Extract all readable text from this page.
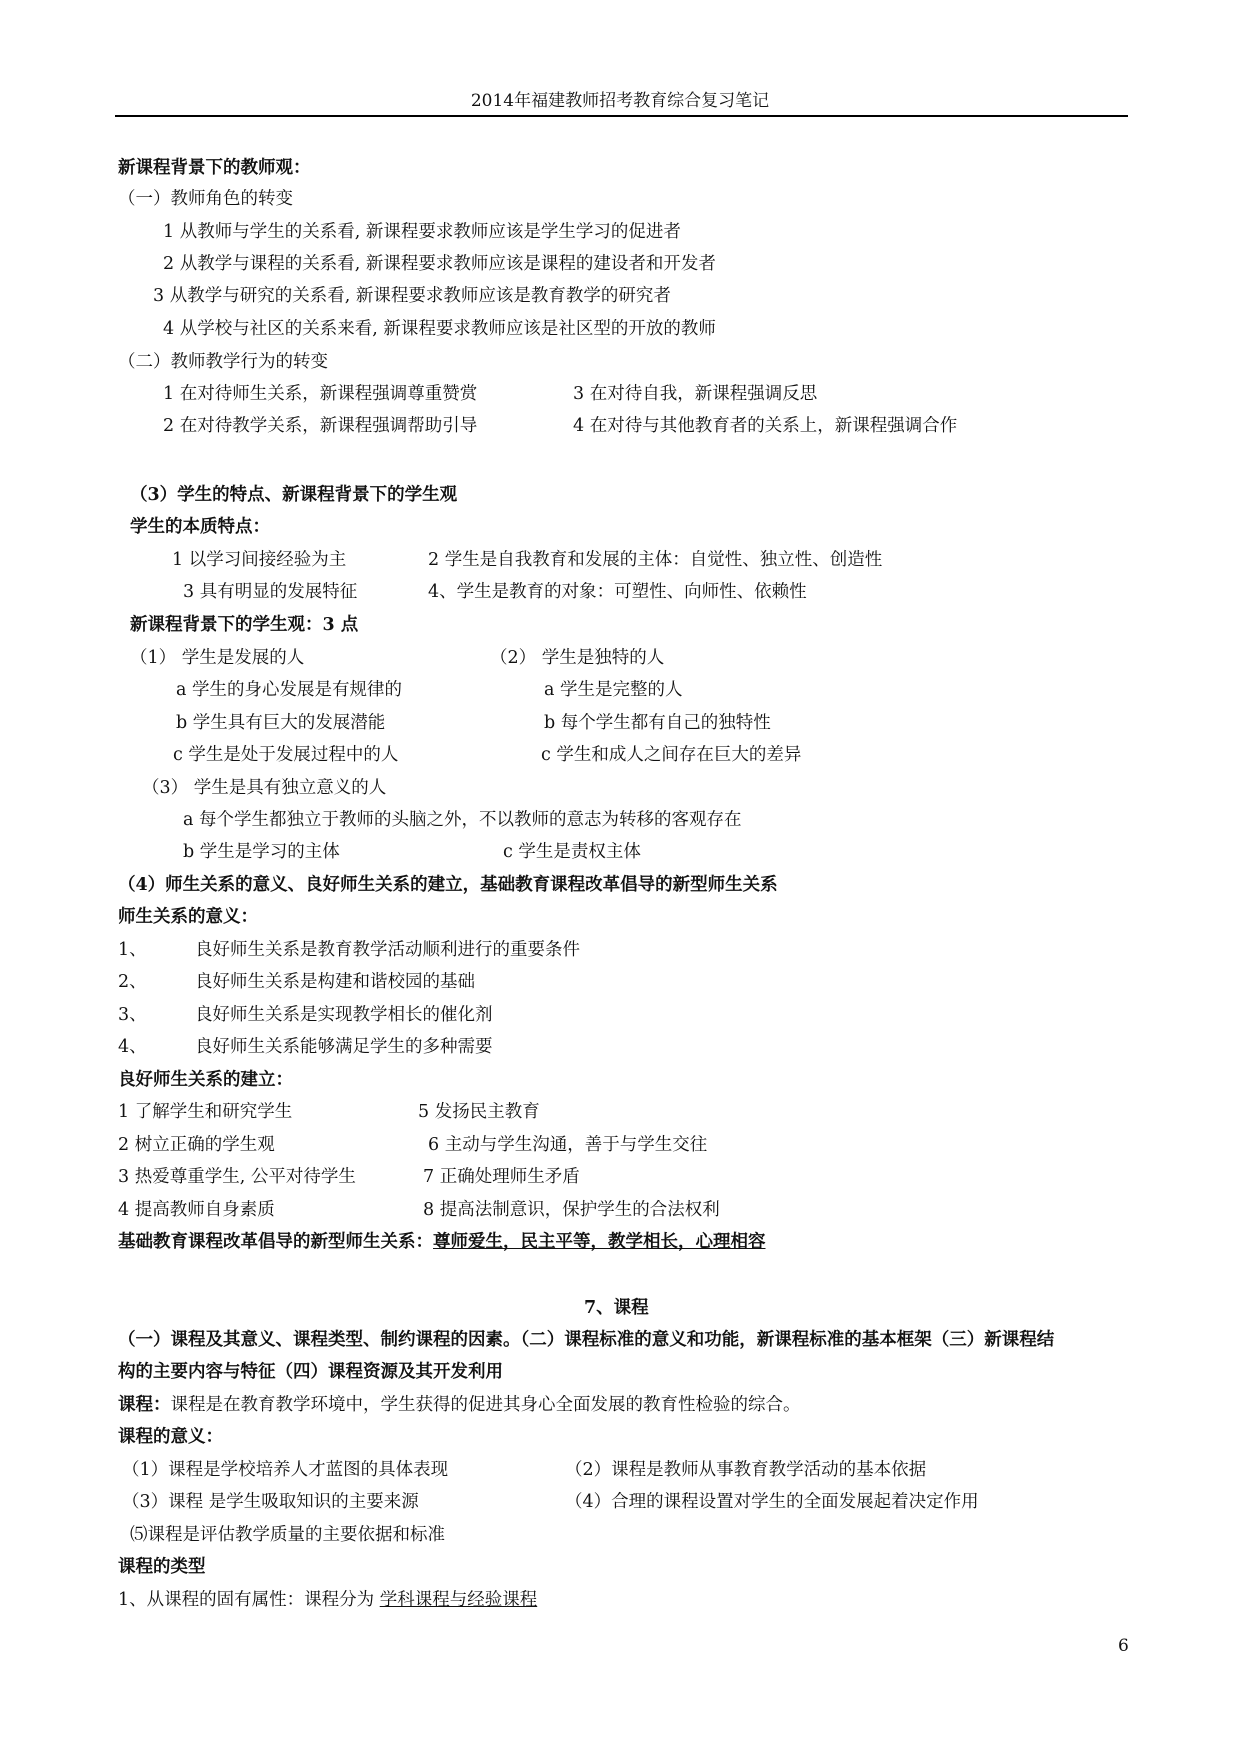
2014年福建教师招考教育综合复习笔记
新课程背景下的教师观：
（一）教师角色的转变
1 从教师与学生的关系看, 新课程要求教师应该是学生学习的促进者
2 从教学与课程的关系看, 新课程要求教师应该是课程的建设者和开发者
3 从教学与研究的关系看, 新课程要求教师应该是教育教学的研究者
4 从学校与社区的关系来看, 新课程要求教师应该是社区型的开放的教师
（二）教师教学行为的转变
1 在对待师生关系，新课程强调尊重赞赏	3 在对待自我，新课程强调反思
2 在对待教学关系，新课程强调帮助引导	4 在对待与其他教育者的关系上，新课程强调合作
（3）学生的特点、新课程背景下的学生观
学生的本质特点：
1 以学习间接经验为主	2 学生是自我教育和发展的主体：自觉性、独立性、创造性
3 具有明显的发展特征	4、学生是教育的对象：可塑性、向师性、依赖性
新课程背景下的学生观：3 点
（1） 学生是发展的人	（2） 学生是独特的人
a 学生的身心发展是有规律的	a 学生是完整的人
b 学生具有巨大的发展潜能	b 每个学生都有自己的独特性
c 学生是处于发展过程中的人	c 学生和成人之间存在巨大的差异
（3） 学生是具有独立意义的人
a 每个学生都独立于教师的头脑之外，不以教师的意志为转移的客观存在
b 学生是学习的主体	c 学生是责权主体
（4）师生关系的意义、良好师生关系的建立，基础教育课程改革倡导的新型师生关系
师生关系的意义：
1、	良好师生关系是教育教学活动顺利进行的重要条件
2、	良好师生关系是构建和谐校园的基础
3、	良好师生关系是实现教学相长的催化剂
4、	良好师生关系能够满足学生的多种需要
良好师生关系的建立：
1 了解学生和研究学生	5 发扬民主教育
2 树立正确的学生观	6 主动与学生沟通，善于与学生交往
3 热爱尊重学生, 公平对待学生	7 正确处理师生矛盾
4 提高教师自身素质	8 提高法制意识，保护学生的合法权利
基础教育课程改革倡导的新型师生关系：尊师爱生，民主平等，教学相长，心理相容
7、课程
（一）课程及其意义、课程类型、制约课程的因素。（二）课程标准的意义和功能，新课程标准的基本框架（三）新课程结
构的主要内容与特征（四）课程资源及其开发利用
课程：课程是在教育教学环境中，学生获得的促进其身心全面发展的教育性检验的综合。
课程的意义：
（1）课程是学校培养人才蓝图的具体表现	（2）课程是教师从事教育教学活动的基本依据
（3）课程 是学生吸取知识的主要来源	（4）合理的课程设置对学生的全面发展起着决定作用
⑸课程是评估教学质量的主要依据和标准
课程的类型
1、从课程的固有属性：课程分为 学科课程与经验课程
6
